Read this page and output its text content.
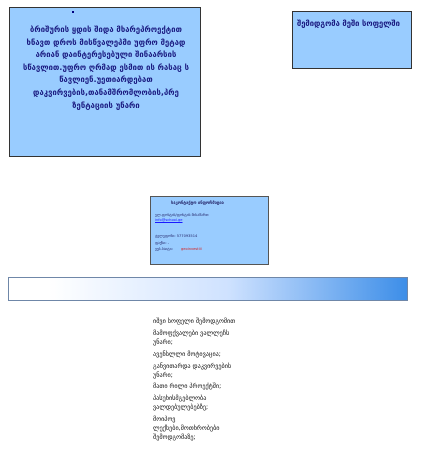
ბრიშურის ყდის შიდა მხარეპროექტით ხნავთ დროს მისწვალეპმი უფრო მეტად არიან დაინტერესებული შინაარსის სწავლით.უფრო ღრმად ესმით ის რასაც ს წავლიენ.უეთიარდებათ დაკვირვების,თანამშრომლობის,პრე ზენტაციის უნარი
შემიდგომა მეში სოფელში
საკონტაქტო ინფორმაცია
ელ.ფოსტის/ფოსტის მისამართ
info@school.ge
ტელეფონი: 577093514
ფაქსი: -
ვებ-საიტი: geoinvestlil
იშვი სოფელი შემოდგომით
მამოფქვალები ვალლეჩს
უნარი;
ავენსლლი მოტივაცია;
განვითარდა დაკვირვების
უნარი;
მათი რილი პროექტში;
პასუხისმგებლობა
ვალდებულებებზე;
მოიპოვ
ლექსები,მოთხრობები
შემოდგომაზე;
